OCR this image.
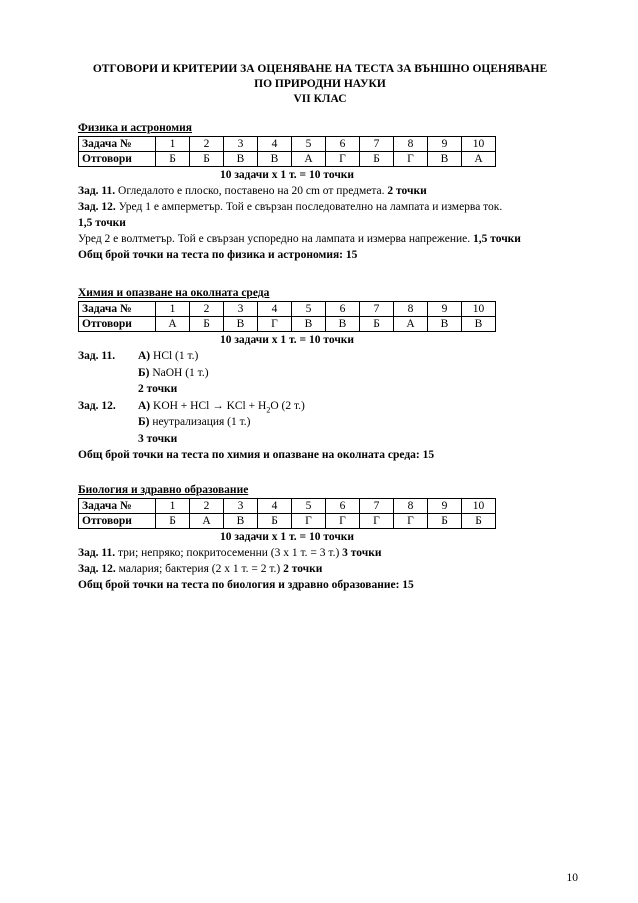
ОТГОВОРИ И КРИТЕРИИ ЗА ОЦЕНЯВАНЕ НА ТЕСТА ЗА ВЪНШНО ОЦЕНЯВАНЕ
ПО ПРИРОДНИ НАУКИ
VII КЛАС
Физика и астрономия
Задача №	1	2	3	4	5	6	7	8	9	10
Отговори	Б	Б	В	В	А	Г	Б	Г	В	А
10 задачи х 1 т. = 10 точки
Зад. 11. Огледалото е плоско, поставено на 20 cm от предмета. 2 точки
Зад. 12. Уред 1 е амперметър. Той е свързан последователно на лампата и измерва ток.
1,5 точки
Уред 2 е волтметър. Той е свързан успоредно на лампата и измерва напрежение. 1,5 точки
Общ брой точки на теста по физика и астрономия: 15
Химия и опазване на околната среда
Задача №	1	2	3	4	5	6	7	8	9	10
Отговори	А	Б	В	Г	В	В	Б	А	В	В
10 задачи х 1 т. = 10 точки
Зад. 11.	А) HCl (1 т.)
Б) NaOH (1 т.)
2 точки
Зад. 12.	А) KOH + HCl → KCl + $H_2O$ (2 т.)
Б) неутрализация (1 т.)
3 точки
Общ брой точки на теста по химия и опазване на околната среда: 15
Биология и здравно образование
Задача №	1	2	3	4	5	6	7	8	9	10
Отговори	Б	А	В	Б	Г	Г	Г	Г	Б	Б
10 задачи х 1 т. = 10 точки
Зад. 11. три; непряко; покритосеменни (3 х 1 т. = 3 т.) 3 точки
Зад. 12. малария; бактерия (2 х 1 т. = 2 т.) 2 точки
Общ брой точки на теста по биология и здравно образование: 15
10
